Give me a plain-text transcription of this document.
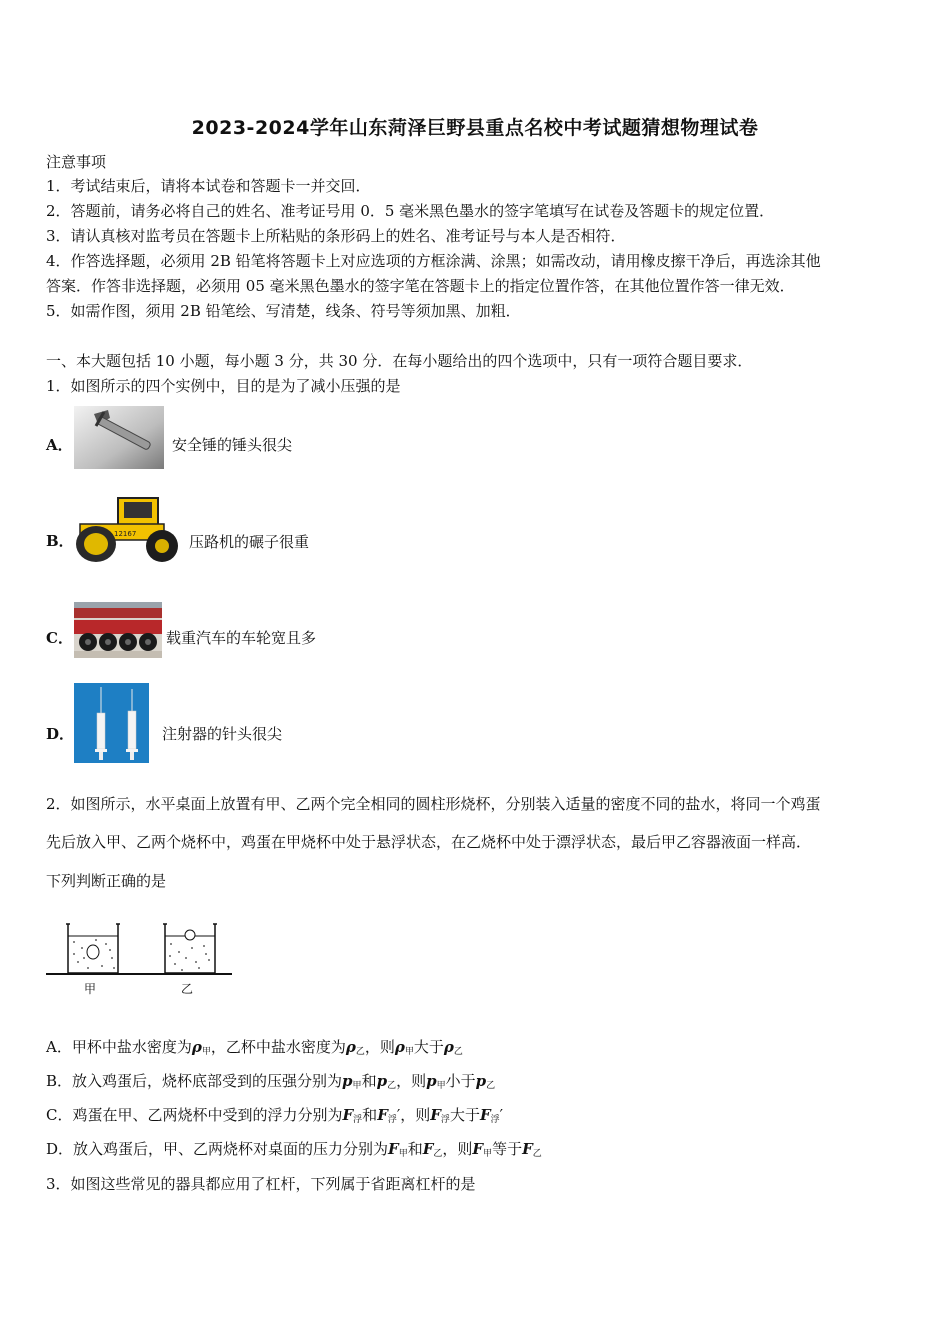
2023-2024学年山东菏泽巨野县重点名校中考试题猜想物理试卷
注意事项
1．考试结束后，请将本试卷和答题卡一并交回．
2．答题前，请务必将自己的姓名、准考证号用 0．5 毫米黑色墨水的签字笔填写在试卷及答题卡的规定位置．
3．请认真核对监考员在答题卡上所粘贴的条形码上的姓名、准考证号与本人是否相符．
4．作答选择题，必须用 2B 铅笔将答题卡上对应选项的方框涂满、涂黑；如需改动，请用橡皮擦干净后，再选涂其他
答案．作答非选择题，必须用 05 毫米黑色墨水的签字笔在答题卡上的指定位置作答，在其他位置作答一律无效．
5．如需作图，须用 2B 铅笔绘、写清楚，线条、符号等须加黑、加粗．
一、本大题包括 10 小题，每小题 3 分，共 30 分．在每小题给出的四个选项中，只有一项符合题目要求．
1．如图所示的四个实例中，目的是为了减小压强的是
A．	安全锤的锤头很尖
B．	12167	压路机的碾子很重
C．	载重汽车的车轮宽且多
D．	注射器的针头很尖
2．如图所示，水平桌面上放置有甲、乙两个完全相同的圆柱形烧杯，分别装入适量的密度不同的盐水，将同一个鸡蛋
先后放入甲、乙两个烧杯中，鸡蛋在甲烧杯中处于悬浮状态，在乙烧杯中处于漂浮状态，最后甲乙容器液面一样高．
下列判断正确的是
甲	乙
A．甲杯中盐水密度为$\rho_甲$，乙杯中盐水密度为$\rho_乙$，则$\rho_甲$大于$\rho_乙$
B．放入鸡蛋后，烧杯底部受到的压强分别为$p_甲$和$p_乙$，则$p_甲$小于$p_乙$
C．鸡蛋在甲、乙两烧杯中受到的浮力分别为$F_浮$和$F_浮'$，则$F_浮$大于$F_浮'$
D．放入鸡蛋后，甲、乙两烧杯对桌面的压力分别为$F_甲$和$F_乙$，则$F_甲$等于$F_乙$
3．如图这些常见的器具都应用了杠杆，下列属于省距离杠杆的是
